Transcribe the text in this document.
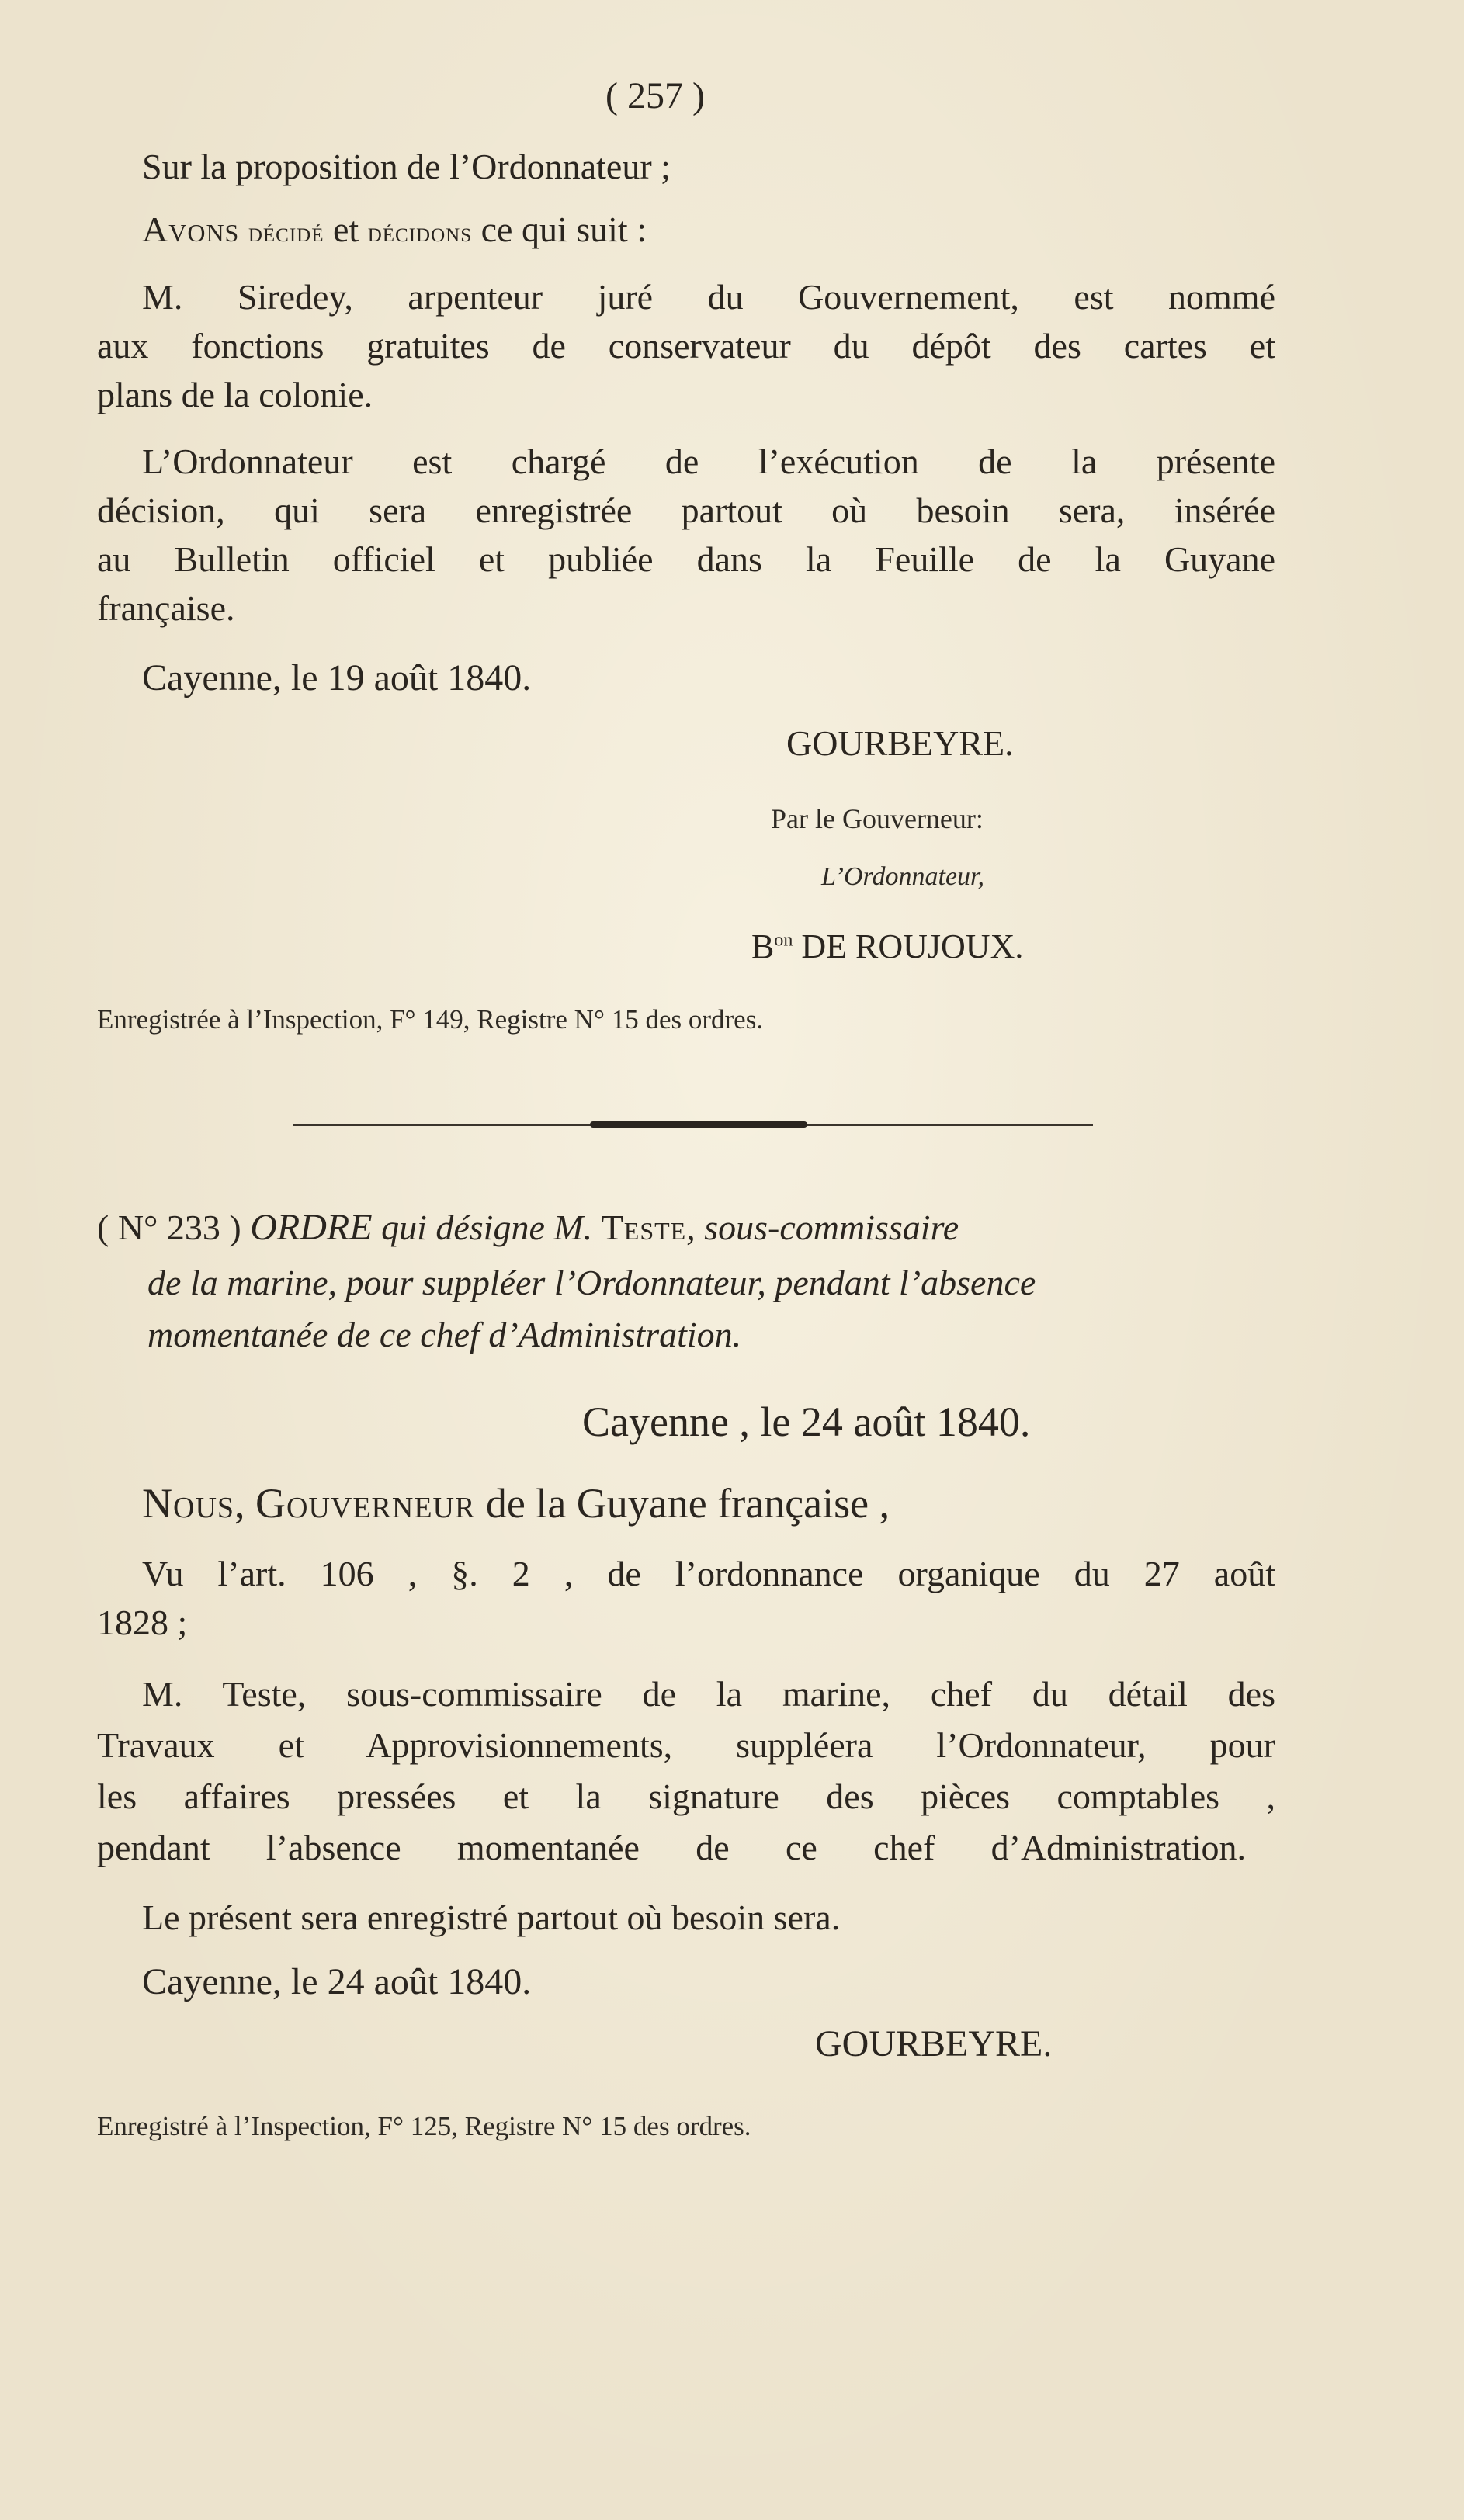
( 257 )

Sur la proposition de l’Ordonnateur ;

Avons décidé et décidons ce qui suit :

M. Siredey, arpenteur juré du Gouvernement, est nommé

aux fonctions gratuites de conservateur du dépôt des cartes et

plans de la colonie.

L’Ordonnateur est chargé de l’exécution de la présente

décision, qui sera enregistrée partout où besoin sera, insérée

au Bulletin officiel et publiée dans la Feuille de la Guyane

française.

Cayenne, le 19 août 1840.

GOURBEYRE.

Par le Gouverneur:

L’Ordonnateur,

$B^{on}$ DE ROUJOUX.

Enregistrée à l’Inspection, F° 149, Registre N° 15 des ordres.

( N° 233 ) ORDRE qui désigne M. Teste, sous-commissaire

de la marine, pour suppléer l’Ordonnateur, pendant l’absence

momentanée de ce chef d’Administration.

Cayenne , le 24 août 1840.

Nous, Gouverneur de la Guyane française ,

Vu l’art. 106 , §. 2 , de l’ordonnance organique du 27 août

1828 ;

M. Teste, sous-commissaire de la marine, chef du détail des

Travaux et Approvisionnements, suppléera l’Ordonnateur, pour

les affaires pressées et la signature des pièces comptables ,

pendant l’absence momentanée de ce chef d’Administration.

Le présent sera enregistré partout où besoin sera.

Cayenne, le 24 août 1840.

GOURBEYRE.

Enregistré à l’Inspection, F° 125, Registre N° 15 des ordres.
